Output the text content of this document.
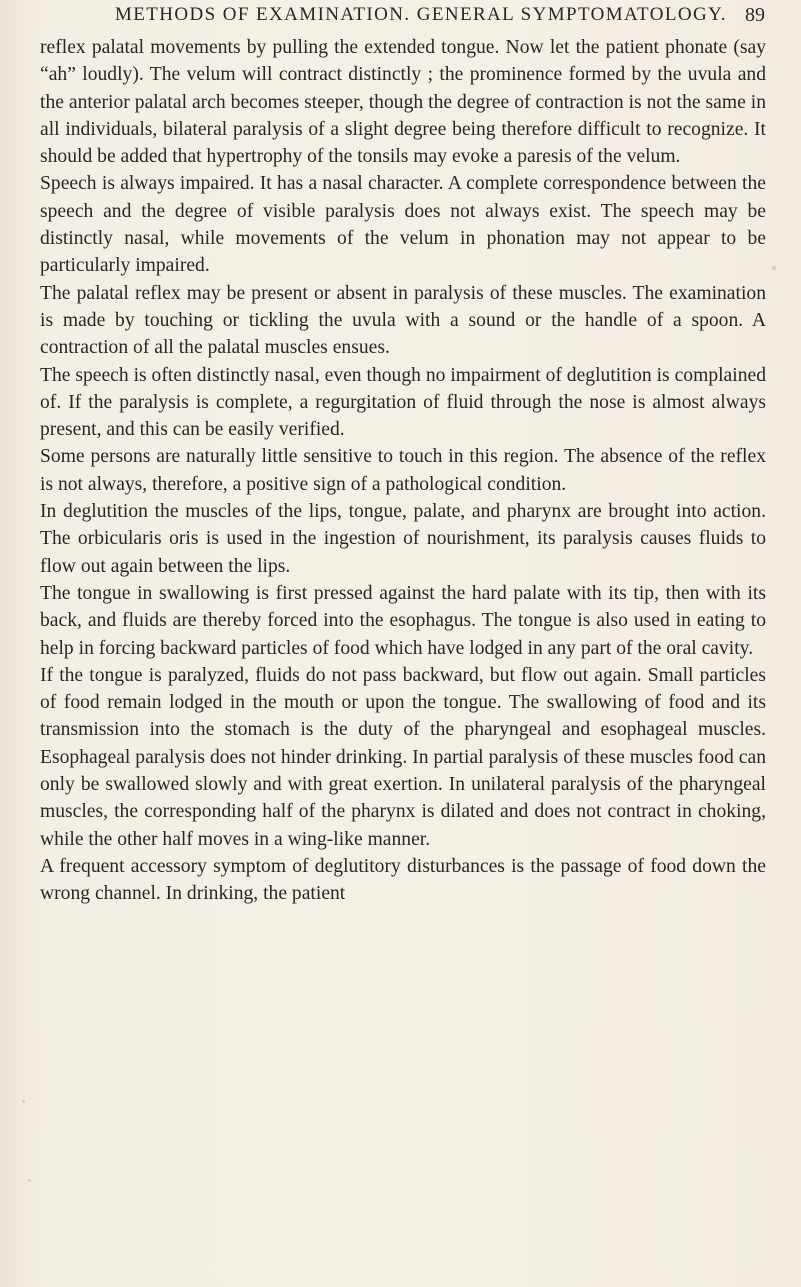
METHODS OF EXAMINATION. GENERAL SYMPTOMATOLOGY. 89

reflex palatal movements by pulling the extended tongue. Now let the patient phonate (say “ah” loudly). The velum will contract distinctly ; the prominence formed by the uvula and the anterior palatal arch becomes steeper, though the degree of contraction is not the same in all individuals, bilateral paralysis of a slight degree being therefore difficult to recognize. It should be added that hypertrophy of the tonsils may evoke a paresis of the velum.

Speech is always impaired. It has a nasal character. A complete correspondence between the speech and the degree of visible paralysis does not always exist. The speech may be distinctly nasal, while movements of the velum in phonation may not appear to be particularly impaired.

The palatal reflex may be present or absent in paralysis of these muscles. The examination is made by touching or tickling the uvula with a sound or the handle of a spoon. A contraction of all the palatal muscles ensues.

The speech is often distinctly nasal, even though no impairment of deglutition is complained of. If the paralysis is complete, a regurgitation of fluid through the nose is almost always present, and this can be easily verified.

Some persons are naturally little sensitive to touch in this region. The absence of the reflex is not always, therefore, a positive sign of a pathological condition.

In deglutition the muscles of the lips, tongue, palate, and pharynx are brought into action. The orbicularis oris is used in the ingestion of nourishment, its paralysis causes fluids to flow out again between the lips.

The tongue in swallowing is first pressed against the hard palate with its tip, then with its back, and fluids are thereby forced into the esophagus. The tongue is also used in eating to help in forcing backward particles of food which have lodged in any part of the oral cavity.

If the tongue is paralyzed, fluids do not pass backward, but flow out again. Small particles of food remain lodged in the mouth or upon the tongue. The swallowing of food and its transmission into the stomach is the duty of the pharyngeal and esophageal muscles. Esophageal paralysis does not hinder drinking. In partial paralysis of these muscles food can only be swallowed slowly and with great exertion. In unilateral paralysis of the pharyngeal muscles, the corresponding half of the pharynx is dilated and does not contract in choking, while the other half moves in a wing-like manner.

A frequent accessory symptom of deglutitory disturbances is the passage of food down the wrong channel. In drinking, the patient
